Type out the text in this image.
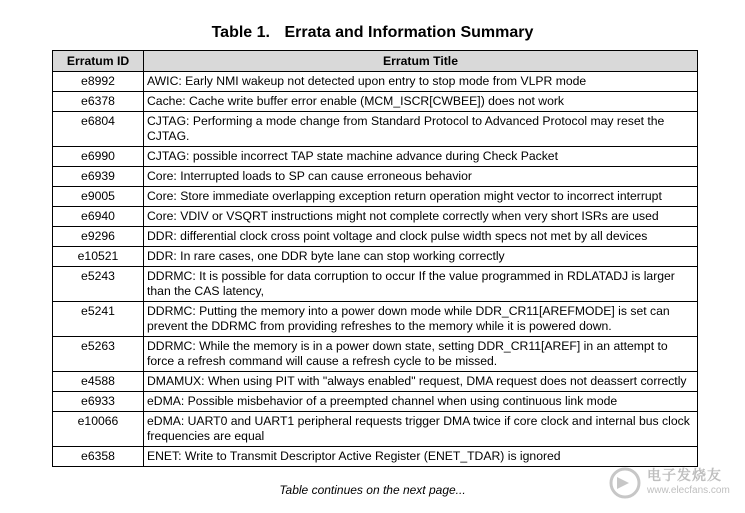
Table 1. Errata and Information Summary
Erratum ID	Erratum Title
e8992	AWIC: Early NMI wakeup not detected upon entry to stop mode from VLPR mode
e6378	Cache: Cache write buffer error enable (MCM_ISCR[CWBEE]) does not work
e6804	CJTAG: Performing a mode change from Standard Protocol to Advanced Protocol may reset the CJTAG.
e6990	CJTAG: possible incorrect TAP state machine advance during Check Packet
e6939	Core: Interrupted loads to SP can cause erroneous behavior
e9005	Core: Store immediate overlapping exception return operation might vector to incorrect interrupt
e6940	Core: VDIV or VSQRT instructions might not complete correctly when very short ISRs are used
e9296	DDR: differential clock cross point voltage and clock pulse width specs not met by all devices
e10521	DDR: In rare cases, one DDR byte lane can stop working correctly
e5243	DDRMC: It is possible for data corruption to occur If the value programmed in RDLATADJ is larger than the CAS latency,
e5241	DDRMC: Putting the memory into a power down mode while DDR_CR11[AREFMODE] is set can prevent the DDRMC from providing refreshes to the memory while it is powered down.
e5263	DDRMC: While the memory is in a power down state, setting DDR_CR11[AREF] in an attempt to force a refresh command will cause a refresh cycle to be missed.
e4588	DMAMUX: When using PIT with "always enabled" request, DMA request does not deassert correctly
e6933	eDMA: Possible misbehavior of a preempted channel when using continuous link mode
e10066	eDMA: UART0 and UART1 peripheral requests trigger DMA twice if core clock and internal bus clock frequencies are equal
e6358	ENET: Write to Transmit Descriptor Active Register (ENET_TDAR) is ignored
Table continues on the next page...
电子发烧友
www.elecfans.com
